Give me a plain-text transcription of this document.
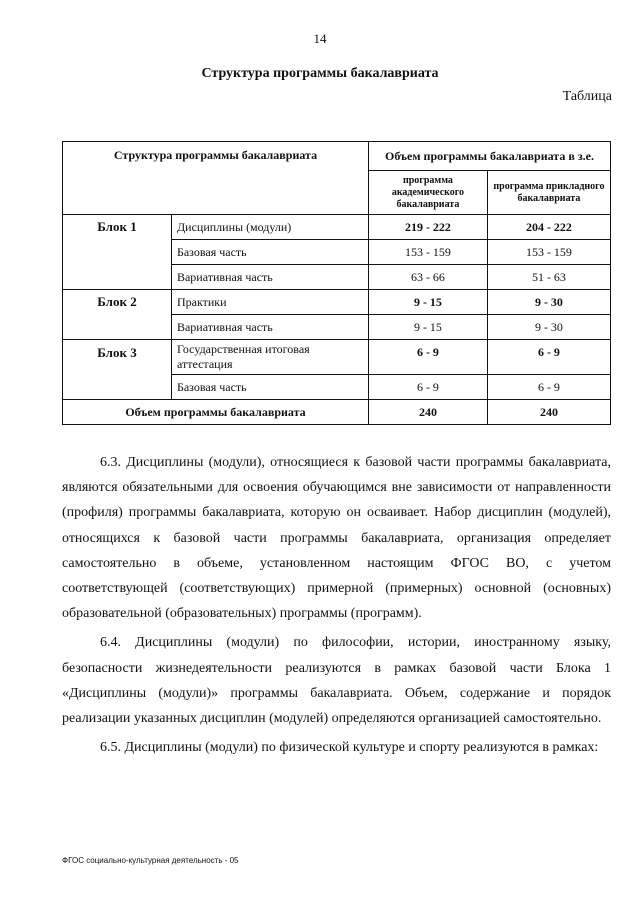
14
Структура программы бакалавриата
Таблица
Структура программы бакалавриата		Объем программы бакалавриата в з.е.	
		программа академического бакалавриата	программа прикладного бакалавриата
Блок 1	Дисциплины (модули)	219 - 222	204 - 222
	Базовая часть	153 - 159	153 - 159
	Вариативная часть	63 - 66	51 - 63
Блок 2	Практики	9 - 15	9 - 30
	Вариативная часть	9 - 15	9 - 30
Блок 3	Государственная итоговая аттестация	6 - 9	6 - 9
	Базовая часть	6 - 9	6 - 9
Объем программы бакалавриата		240	240

6.3. Дисциплины (модули), относящиеся к базовой части программы бакалавриата, являются обязательными для освоения обучающимся вне зависимости от направленности (профиля) программы бакалавриата, которую он осваивает. Набор дисциплин (модулей), относящихся к базовой части программы бакалавриата, организация определяет самостоятельно в объеме, установленном настоящим ФГОС ВО, с учетом соответствующей (соответствующих) примерной (примерных) основной (основных) образовательной (образовательных) программы (программ).

6.4. Дисциплины (модули) по философии, истории, иностранному языку, безопасности жизнедеятельности реализуются в рамках базовой части Блока 1 «Дисциплины (модули)» программы бакалавриата. Объем, содержание и порядок реализации указанных дисциплин (модулей) определяются организацией самостоятельно.

6.5. Дисциплины (модули) по физической культуре и спорту реализуются в рамках:

ФГОС социально-культурная деятельность - 05
